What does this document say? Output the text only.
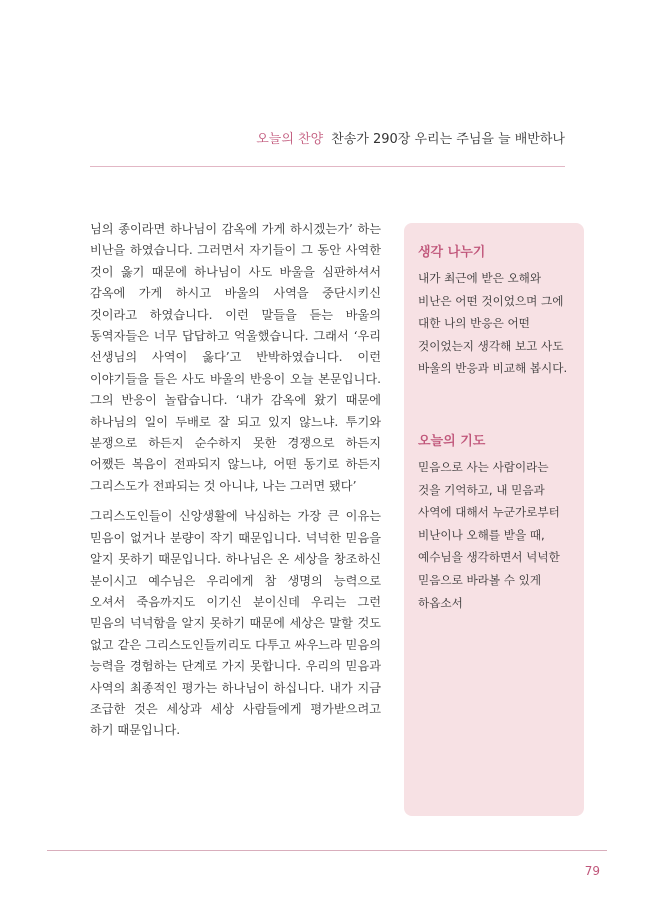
오늘의 찬양 찬송가 290장 우리는 주님을 늘 배반하나

님의 종이라면 하나님이 감옥에 가게 하시겠는가’ 하는 비난을 하였습니다. 그러면서 자기들이 그 동안 사역한 것이 옳기 때문에 하나님이 사도 바울을 심판하셔서 감옥에 가게 하시고 바울의 사역을 중단시키신 것이라고 하였습니다. 이런 말들을 듣는 바울의 동역자들은 너무 답답하고 억울했습니다. 그래서 ‘우리 선생님의 사역이 옳다’고 반박하였습니다. 이런 이야기들을 들은 사도 바울의 반응이 오늘 본문입니다. 그의 반응이 놀랍습니다. ‘내가 감옥에 왔기 때문에 하나님의 일이 두배로 잘 되고 있지 않느냐. 투기와 분쟁으로 하든지 순수하지 못한 경쟁으로 하든지 어쨌든 복음이 전파되지 않느냐, 어떤 동기로 하든지 그리스도가 전파되는 것 아니냐, 나는 그러면 됐다’

그리스도인들이 신앙생활에 낙심하는 가장 큰 이유는 믿음이 없거나 분량이 작기 때문입니다. 넉넉한 믿음을 알지 못하기 때문입니다. 하나님은 온 세상을 창조하신 분이시고 예수님은 우리에게 참 생명의 능력으로 오셔서 죽음까지도 이기신 분이신데 우리는 그런 믿음의 넉넉함을 알지 못하기 때문에 세상은 말할 것도 없고 같은 그리스도인들끼리도 다투고 싸우느라 믿음의 능력을 경험하는 단계로 가지 못합니다. 우리의 믿음과 사역의 최종적인 평가는 하나님이 하십니다. 내가 지금 조급한 것은 세상과 세상 사람들에게 평가받으려고 하기 때문입니다.

생각 나누기

내가 최근에 받은 오해와 비난은 어떤 것이었으며 그에 대한 나의 반응은 어떤 것이었는지 생각해 보고 사도 바울의 반응과 비교해 봅시다.

오늘의 기도

믿음으로 사는 사람이라는 것을 기억하고, 내 믿음과 사역에 대해서 누군가로부터 비난이나 오해를 받을 때, 예수님을 생각하면서 넉넉한 믿음으로 바라볼 수 있게 하옵소서

79
